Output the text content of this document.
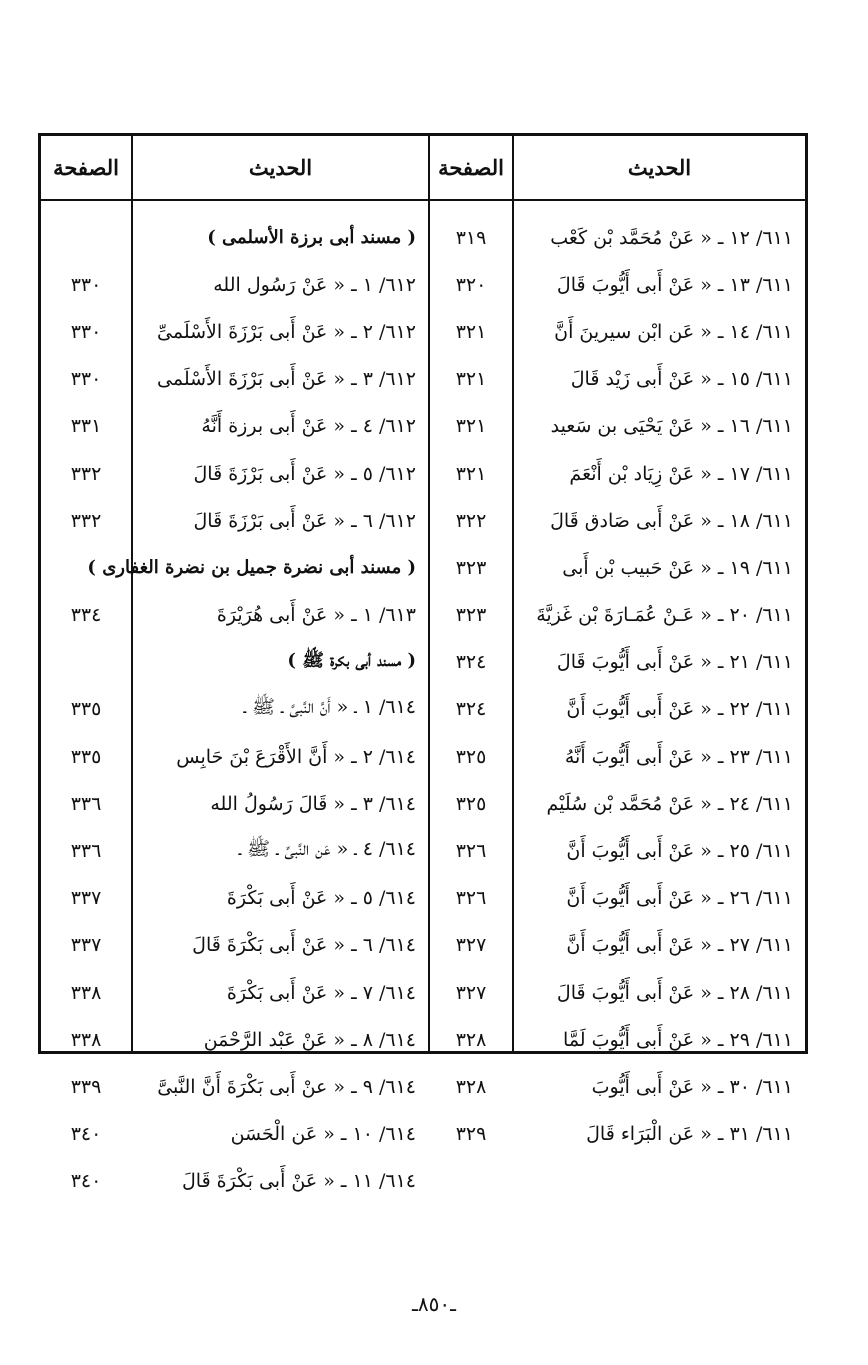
الحديث
الصفحة
الحديث
الصفحة
٦١١/ ١٢ ـ « عَنْ مُحَمَّد بْن كَعْب
٦١١/ ١٣ ـ « عَنْ أَبى أَيُّوبَ قَالَ
٦١١/ ١٤ ـ « عَن ابْن سيرينَ أَنَّ
٦١١/ ١٥ ـ « عَنْ أَبى زَيْد قَالَ
٦١١/ ١٦ ـ « عَنْ يَحْيَى بن سَعيد
٦١١/ ١٧ ـ « عَنْ زِيَاد بْن أَنْعَمَ
٦١١/ ١٨ ـ « عَنْ أَبى صَادق قَالَ
٦١١/ ١٩ ـ « عَنْ حَبيب بْن أَبى
٦١١/ ٢٠ ـ « عَـنْ عُمَـارَةَ بْن غَزيَّةَ
٦١١/ ٢١ ـ « عَنْ أَبى أَيُّوبَ قَالَ
٦١١/ ٢٢ ـ « عَنْ أَبى أَيُّوبَ أَنَّ
٦١١/ ٢٣ ـ « عَنْ أَبى أَيُّوبَ أَنَّهُ
٦١١/ ٢٤ ـ « عَنْ مُحَمَّد بْن سُلَيْم
٦١١/ ٢٥ ـ « عَنْ أَبى أَيُّوبَ أَنَّ
٦١١/ ٢٦ ـ « عَنْ أَبى أَيُّوبَ أَنَّ
٦١١/ ٢٧ ـ « عَنْ أَبى أَيُّوبَ أَنَّ
٦١١/ ٢٨ ـ « عَنْ أَبى أَيُّوبَ قَالَ
٦١١/ ٢٩ ـ « عَنْ أَبى أَيُّوبَ لَمَّا
٦١١/ ٣٠ ـ « عَنْ أَبى أَيُّوبَ
٦١١/ ٣١ ـ « عَن الْبَرَاء قَالَ
٣١٩
٣٢٠
٣٢١
٣٢١
٣٢١
٣٢١
٣٢٢
٣٢٣
٣٢٣
٣٢٤
٣٢٤
٣٢٥
٣٢٥
٣٢٦
٣٢٦
٣٢٧
٣٢٧
٣٢٨
٣٢٨
٣٢٩
( مسند أبى برزة الأسلمى )
٦١٢/ ١ ـ « عَنْ رَسُول الله
٦١٢/ ٢ ـ « عَنْ أَبى بَرْزَةَ الأَسْلَمىِّ
٦١٢/ ٣ ـ « عَنْ أَبى بَرْزَةَ الأَسْلَمى
٦١٢/ ٤ ـ « عَنْ أَبى برزة أَنَّهُ
٦١٢/ ٥ ـ « عَنْ أَبى بَرْزَةَ قَالَ
٦١٢/ ٦ ـ « عَنْ أَبى بَرْزَةَ قَالَ
( مسند أبى نضرة جميل بن نضرة الغفارى )
٦١٣/ ١ ـ « عَنْ أَبى هُرَيْرَةَ
( مسند أبى بكرة ﷺ )
٦١٤/ ١ ـ « أَنَّ النَّبىَّ ـ ﷺ ـ
٦١٤/ ٢ ـ « أَنَّ الأَقْرَعَ بْنَ حَابِس
٦١٤/ ٣ ـ « قَالَ رَسُولُ الله
٦١٤/ ٤ ـ « عَن النَّبىِّ ـ ﷺ ـ
٦١٤/ ٥ ـ « عَنْ أَبى بَكْرَةَ
٦١٤/ ٦ ـ « عَنْ أَبى بَكْرَةَ قَالَ
٦١٤/ ٧ ـ « عَنْ أَبى بَكْرَةَ
٦١٤/ ٨ ـ « عَنْ عَبْد الرَّحْمَن
٦١٤/ ٩ ـ « عنْ أَبى بَكْرَةَ أَنَّ النَّبىَّ
٦١٤/ ١٠ ـ « عَن الْحَسَن
٦١٤/ ١١ ـ « عَنْ أَبى بَكْرَةَ قَالَ
٣٣٠
٣٣٠
٣٣٠
٣٣١
٣٣٢
٣٣٢
٣٣٤
٣٣٥
٣٣٥
٣٣٦
٣٣٦
٣٣٧
٣٣٧
٣٣٨
٣٣٨
٣٣٩
٣٤٠
٣٤٠
ـ٨٥٠ـ
